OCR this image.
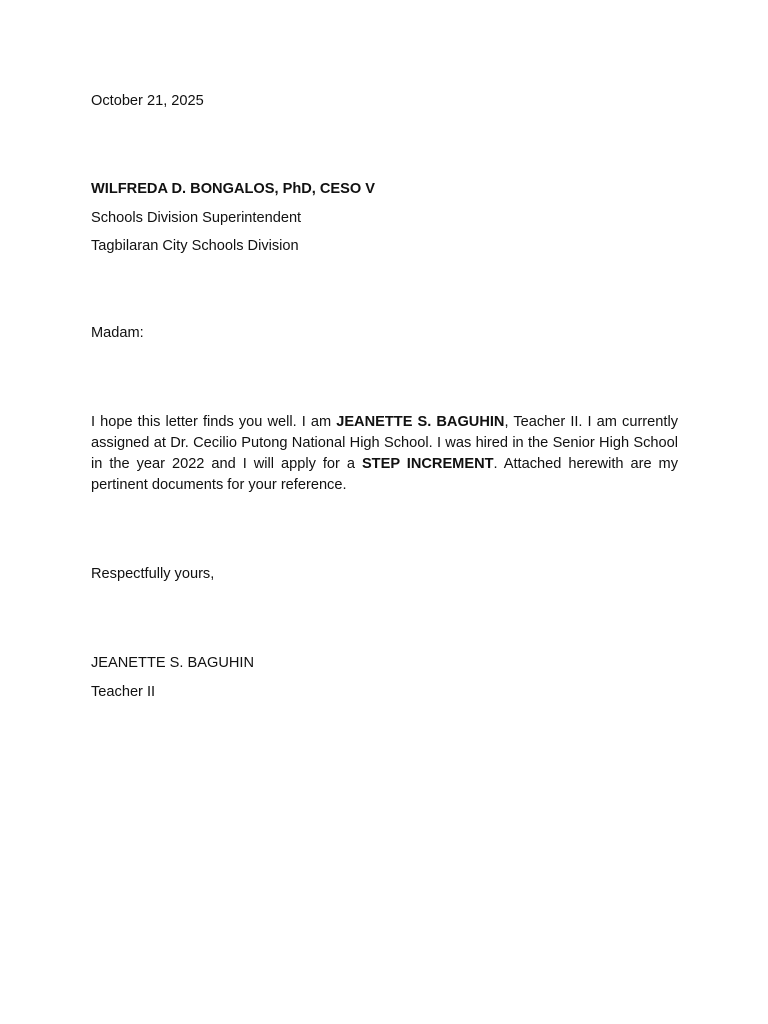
October 21, 2025
WILFREDA D. BONGALOS, PhD, CESO V
Schools Division Superintendent
Tagbilaran City Schools Division
Madam:

I hope this letter finds you well. I am JEANETTE S. BAGUHIN, Teacher II. I am currently assigned at Dr. Cecilio Putong National High School. I was hired in the Senior High School in the year 2022 and I will apply for a STEP INCREMENT. Attached herewith are my pertinent documents for your reference.

Respectfully yours,
JEANETTE S. BAGUHIN
Teacher II
